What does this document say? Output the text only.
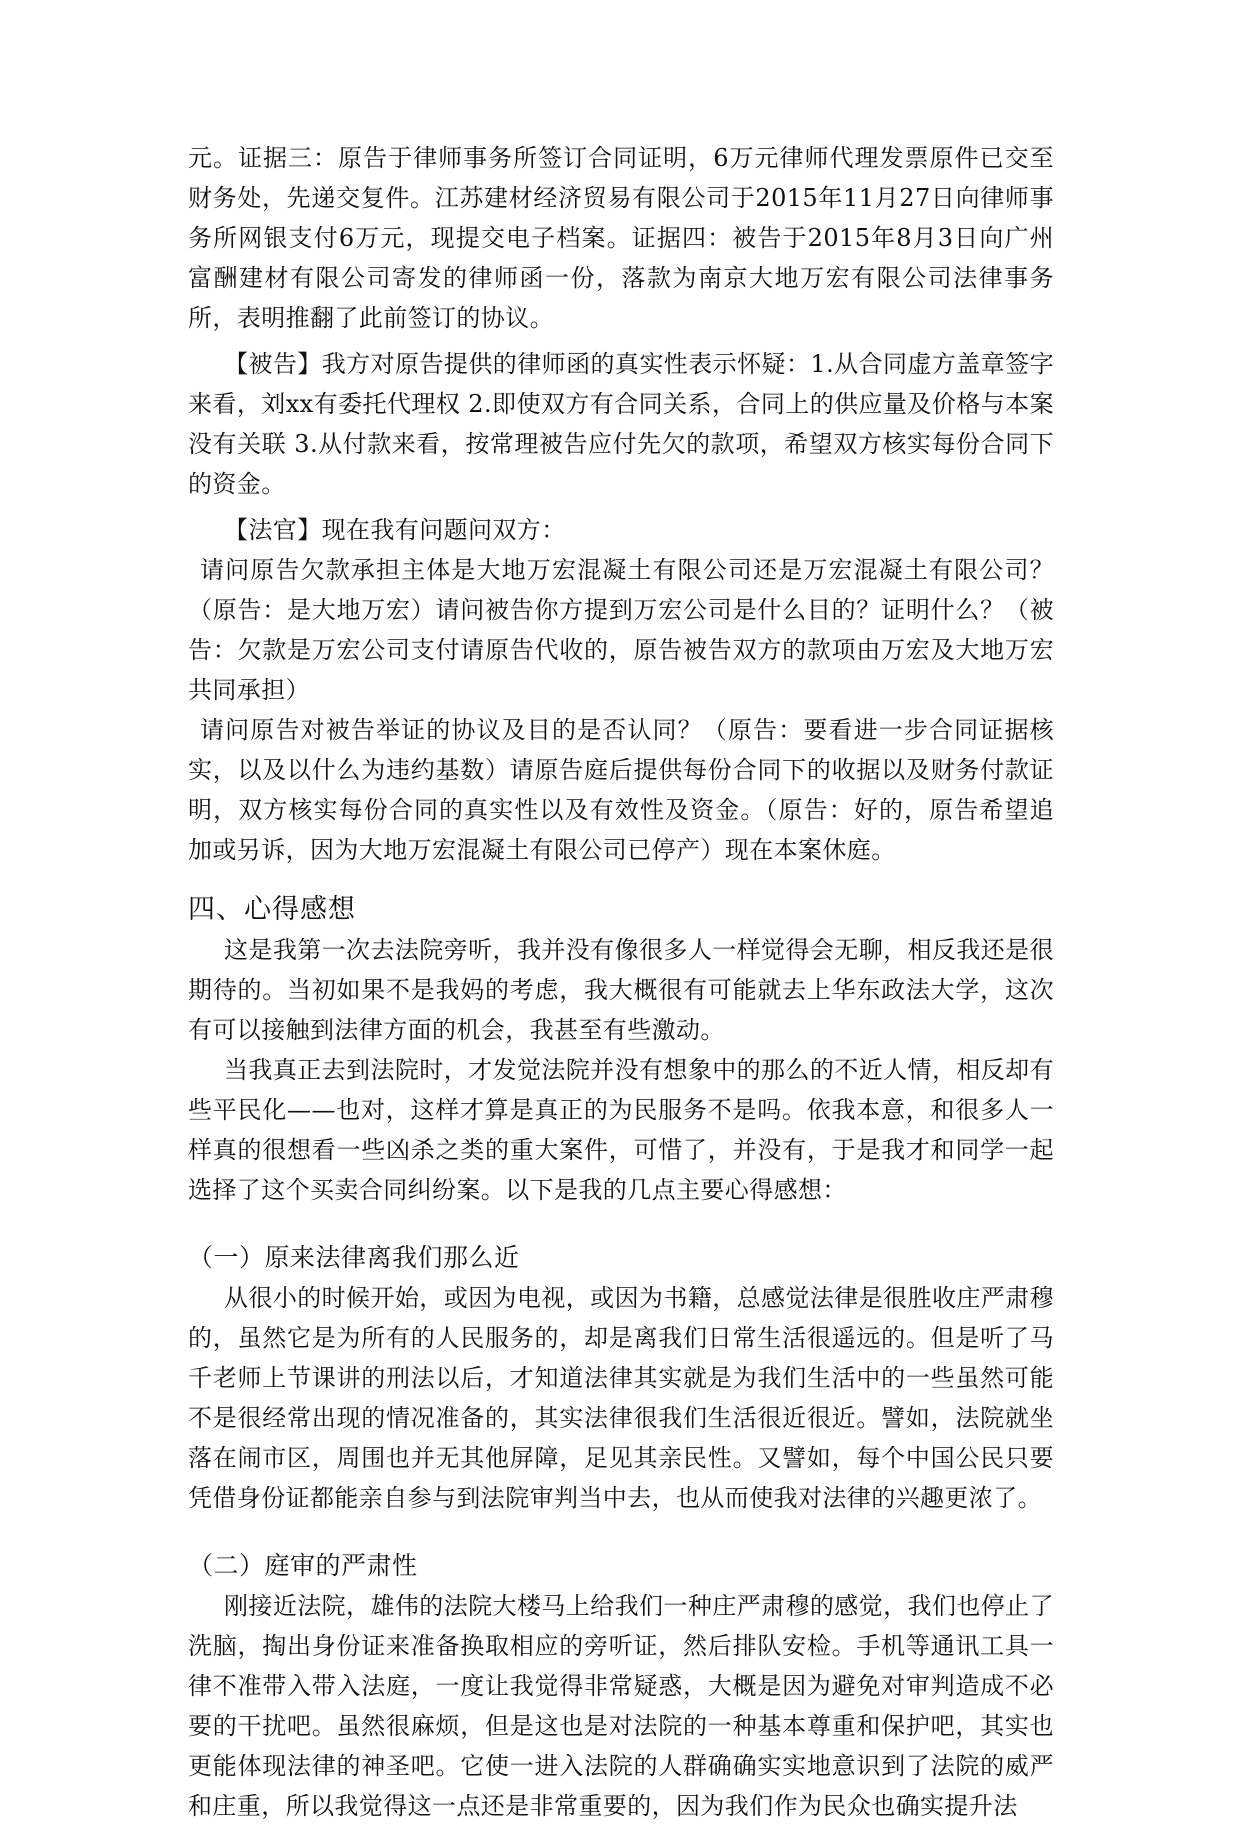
元。证据三：原告于律师事务所签订合同证明，6万元律师代理发票原件已交至财务处，先递交复件。江苏建材经济贸易有限公司于2015年11月27日向律师事务所网银支付6万元，现提交电子档案。证据四：被告于2015年8月3日向广州富酬建材有限公司寄发的律师函一份，落款为南京大地万宏有限公司法律事务所，表明推翻了此前签订的协议。

【被告】我方对原告提供的律师函的真实性表示怀疑：1.从合同虚方盖章签字来看，刘xx有委托代理权 2.即使双方有合同关系，合同上的供应量及价格与本案没有关联 3.从付款来看，按常理被告应付先欠的款项，希望双方核实每份合同下的资金。

【法官】现在我有问题问双方：

请问原告欠款承担主体是大地万宏混凝土有限公司还是万宏混凝土有限公司？（原告：是大地万宏）请问被告你方提到万宏公司是什么目的？证明什么？（被告：欠款是万宏公司支付请原告代收的，原告被告双方的款项由万宏及大地万宏共同承担）

请问原告对被告举证的协议及目的是否认同？（原告：要看进一步合同证据核实，以及以什么为违约基数）请原告庭后提供每份合同下的收据以及财务付款证明，双方核实每份合同的真实性以及有效性及资金。（原告：好的，原告希望追加或另诉，因为大地万宏混凝土有限公司已停产）现在本案休庭。

四、心得感想

这是我第一次去法院旁听，我并没有像很多人一样觉得会无聊，相反我还是很期待的。当初如果不是我妈的考虑，我大概很有可能就去上华东政法大学，这次有可以接触到法律方面的机会，我甚至有些激动。

当我真正去到法院时，才发觉法院并没有想象中的那么的不近人情，相反却有些平民化——也对，这样才算是真正的为民服务不是吗。依我本意，和很多人一样真的很想看一些凶杀之类的重大案件，可惜了，并没有，于是我才和同学一起选择了这个买卖合同纠纷案。以下是我的几点主要心得感想：

（一）原来法律离我们那么近

从很小的时候开始，或因为电视，或因为书籍，总感觉法律是很胜收庄严肃穆的，虽然它是为所有的人民服务的，却是离我们日常生活很遥远的。但是听了马千老师上节课讲的刑法以后，才知道法律其实就是为我们生活中的一些虽然可能不是很经常出现的情况准备的，其实法律很我们生活很近很近。譬如，法院就坐落在闹市区，周围也并无其他屏障，足见其亲民性。又譬如，每个中国公民只要凭借身份证都能亲自参与到法院审判当中去，也从而使我对法律的兴趣更浓了。

（二）庭审的严肃性

刚接近法院，雄伟的法院大楼马上给我们一种庄严肃穆的感觉，我们也停止了洗脑，掏出身份证来准备换取相应的旁听证，然后排队安检。手机等通讯工具一律不准带入带入法庭，一度让我觉得非常疑惑，大概是因为避免对审判造成不必要的干扰吧。虽然很麻烦，但是这也是对法院的一种基本尊重和保护吧，其实也更能体现法律的神圣吧。它使一进入法院的人群确确实实地意识到了法院的威严和庄重，所以我觉得这一点还是非常重要的，因为我们作为民众也确实提升法
